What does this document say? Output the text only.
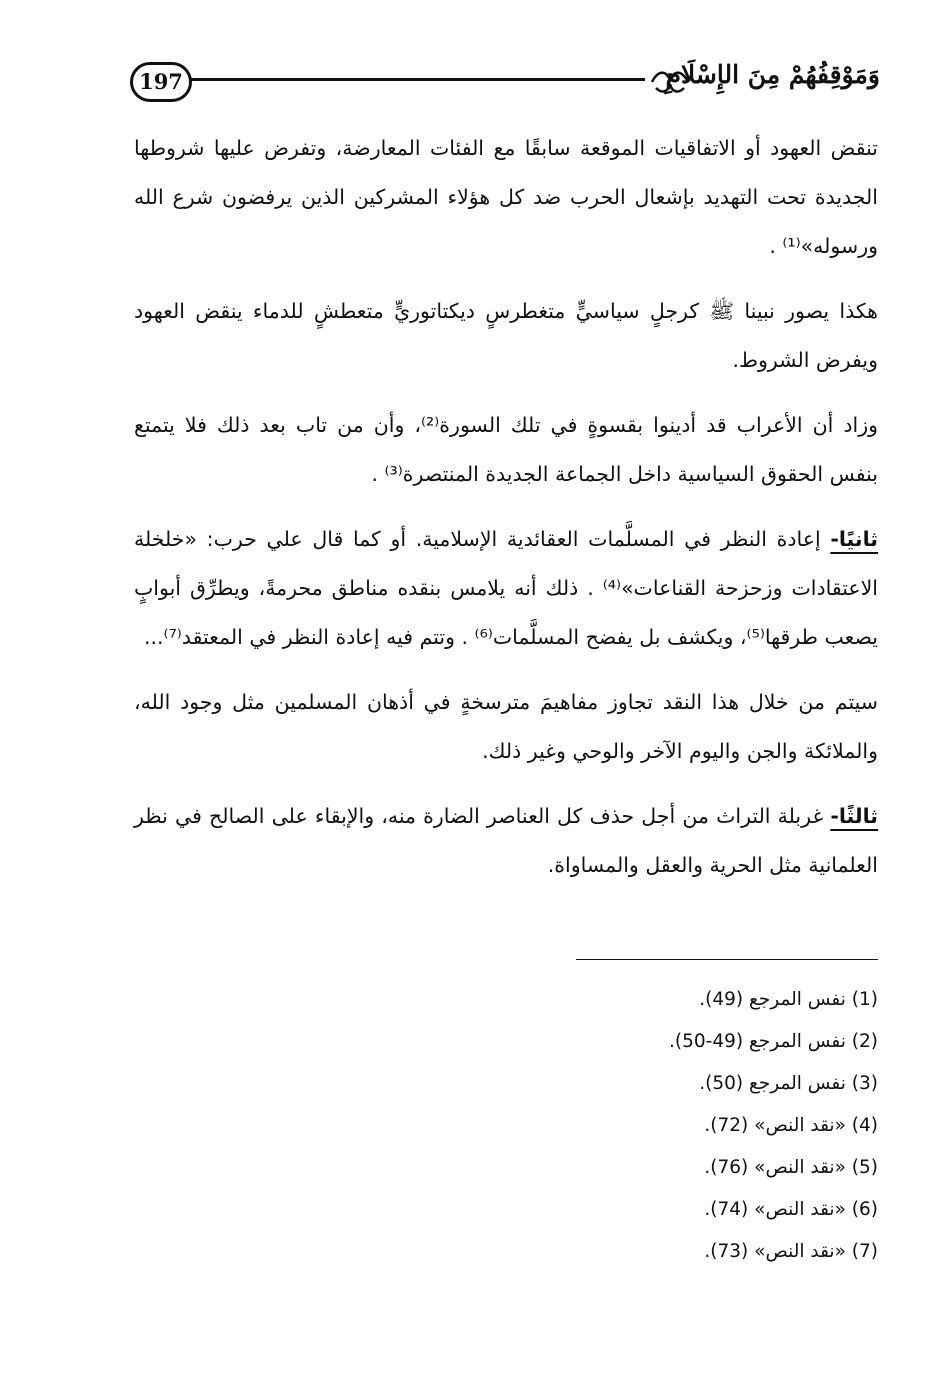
197	وَمَوْقِفُهُمْ مِنَ الإِسْلَامِ

تنقض العهود أو الاتفاقيات الموقعة سابقًا مع الفئات المعارضة، وتفرض عليها شروطها الجديدة تحت التهديد بإشعال الحرب ضد كل هؤلاء المشركين الذين يرفضون شرع الله ورسوله»⁽¹⁾ .

هكذا يصور نبينا ﷺ كرجلٍ سياسيٍّ متغطرسٍ ديكتاتوريٍّ متعطشٍ للدماء ينقض العهود ويفرض الشروط.

وزاد أن الأعراب قد أدينوا بقسوةٍ في تلك السورة⁽²⁾، وأن من تاب بعد ذلك فلا يتمتع بنفس الحقوق السياسية داخل الجماعة الجديدة المنتصرة⁽³⁾ .

ثانيًا- إعادة النظر في المسلَّمات العقائدية الإسلامية. أو كما قال علي حرب: «خلخلة الاعتقادات وزحزحة القناعات»⁽⁴⁾ . ذلك أنه يلامس بنقده مناطق محرمةً، ويطرِّق أبوابٍ يصعب طرقها⁽⁵⁾، ويكشف بل يفضح المسلَّمات⁽⁶⁾ . وتتم فيه إعادة النظر في المعتقد⁽⁷⁾...

سيتم من خلال هذا النقد تجاوز مفاهيمَ مترسخةٍ في أذهان المسلمين مثل وجود الله، والملائكة والجن واليوم الآخر والوحي وغير ذلك.

ثالثًا- غربلة التراث من أجل حذف كل العناصر الضارة منه، والإبقاء على الصالح في نظر العلمانية مثل الحرية والعقل والمساواة.

(1) نفس المرجع (49).
(2) نفس المرجع (49-50).
(3) نفس المرجع (50).
(4) «نقد النص» (72).
(5) «نقد النص» (76).
(6) «نقد النص» (74).
(7) «نقد النص» (73).
